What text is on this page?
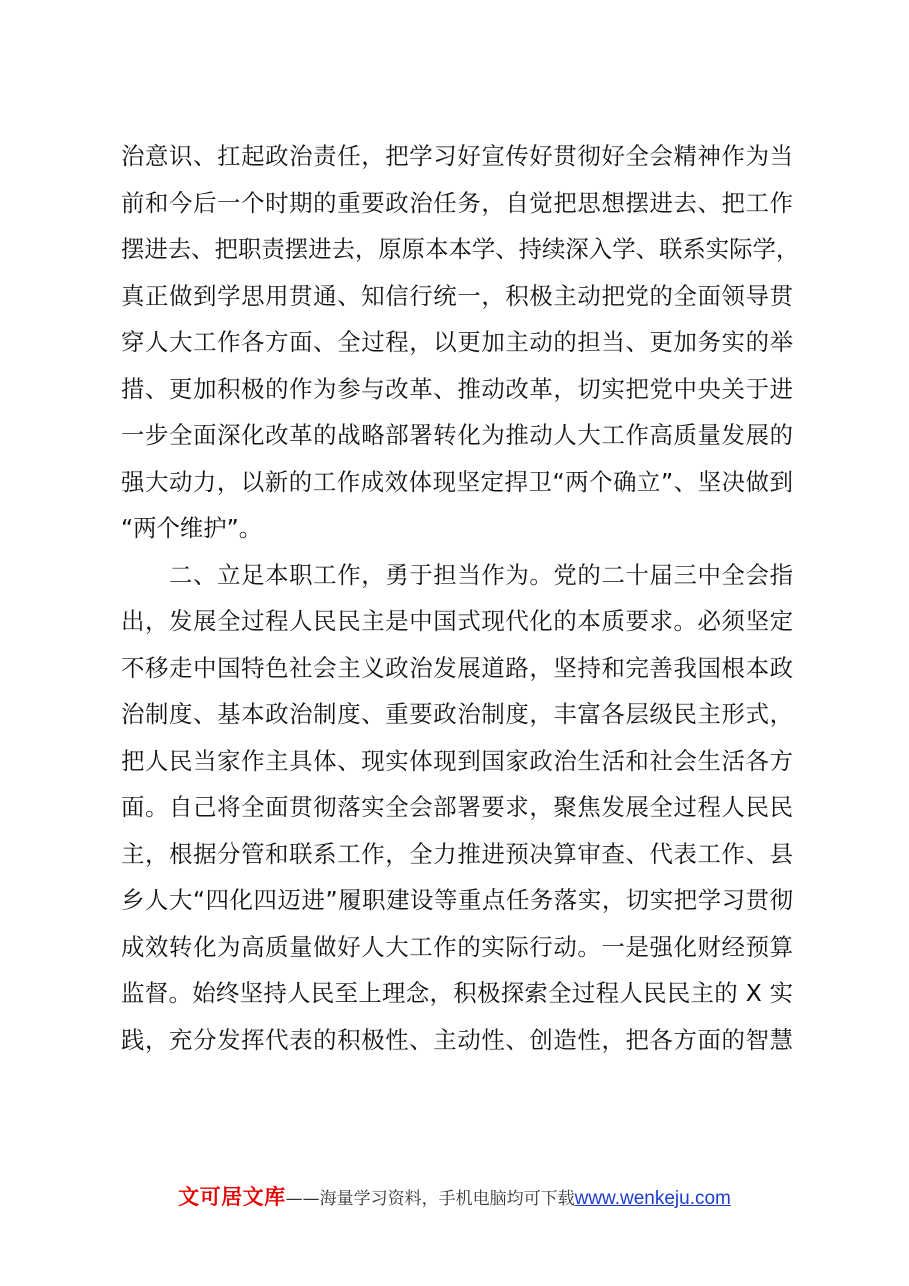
治意识、扛起政治责任，把学习好宣传好贯彻好全会精神作为当
前和今后一个时期的重要政治任务，自觉把思想摆进去、把工作
摆进去、把职责摆进去，原原本本学、持续深入学、联系实际学，
真正做到学思用贯通、知信行统一，积极主动把党的全面领导贯
穿人大工作各方面、全过程，以更加主动的担当、更加务实的举
措、更加积极的作为参与改革、推动改革，切实把党中央关于进
一步全面深化改革的战略部署转化为推动人大工作高质量发展的
强大动力，以新的工作成效体现坚定捍卫“两个确立”、坚决做到
“两个维护”。

　　二、立足本职工作，勇于担当作为。党的二十届三中全会指
出，发展全过程人民民主是中国式现代化的本质要求。必须坚定
不移走中国特色社会主义政治发展道路，坚持和完善我国根本政
治制度、基本政治制度、重要政治制度，丰富各层级民主形式，
把人民当家作主具体、现实体现到国家政治生活和社会生活各方
面。自己将全面贯彻落实全会部署要求，聚焦发展全过程人民民
主，根据分管和联系工作，全力推进预决算审查、代表工作、县
乡人大“四化四迈进”履职建设等重点任务落实，切实把学习贯彻
成效转化为高质量做好人大工作的实际行动。一是强化财经预算
监督。始终坚持人民至上理念，积极探索全过程人民民主的 X 实
践，充分发挥代表的积极性、主动性、创造性，把各方面的智慧

文可居文库——海量学习资料，手机电脑均可下载www.wenkeju.com
